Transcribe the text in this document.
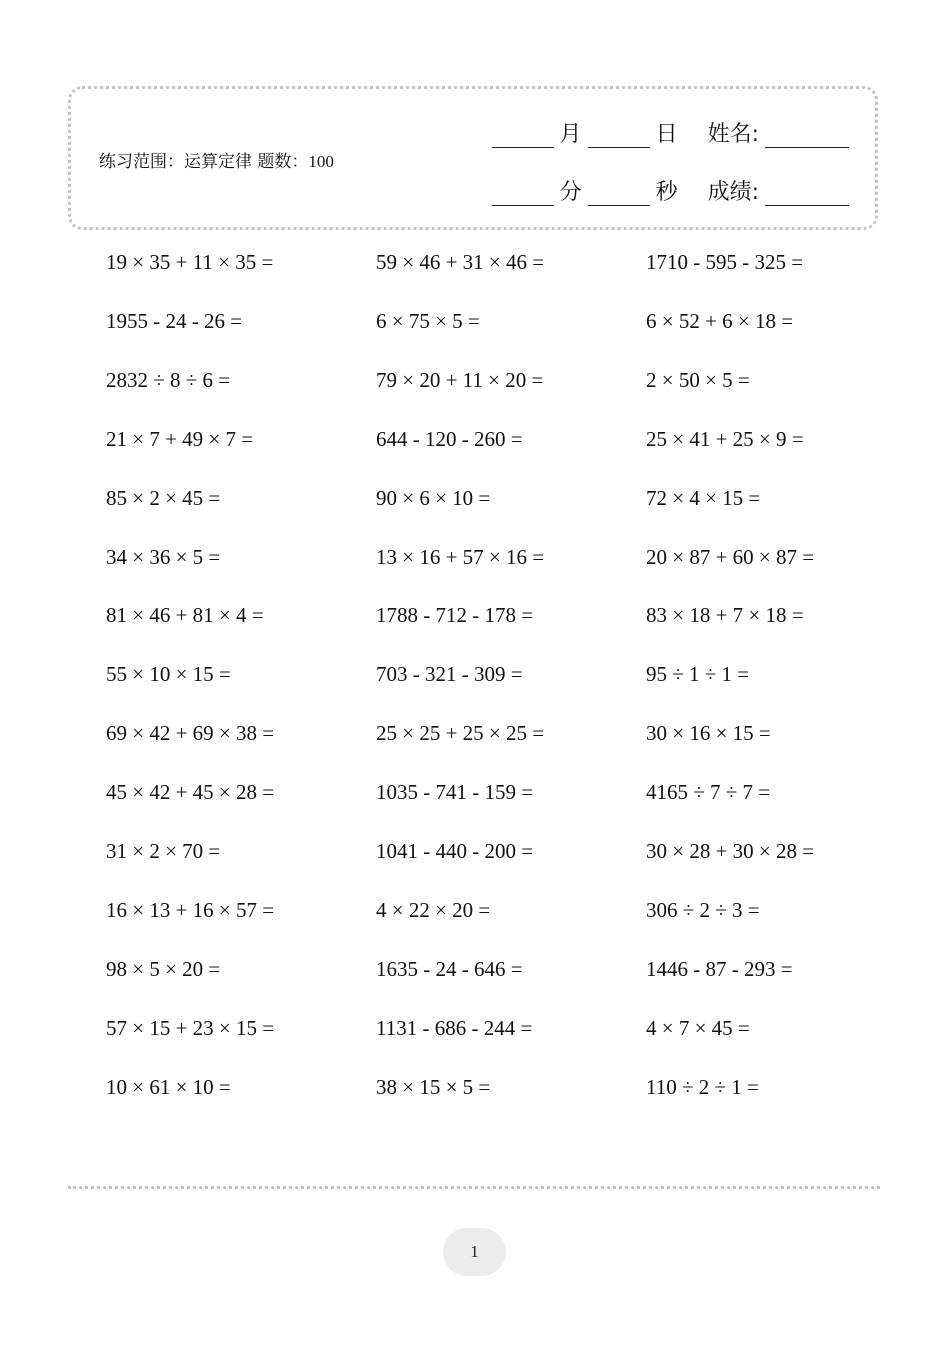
练习范围：运算定律 题数：100
月	日 姓名:
分	秒 成绩:
19 × 35 + 11 × 35 =	59 × 46 + 31 × 46 =	1710 - 595 - 325 =
1955 - 24 - 26 =	6 × 75 × 5 =	6 × 52 + 6 × 18 =
2832 ÷ 8 ÷ 6 =	79 × 20 + 11 × 20 =	2 × 50 × 5 =
21 × 7 + 49 × 7 =	644 - 120 - 260 =	25 × 41 + 25 × 9 =
85 × 2 × 45 =	90 × 6 × 10 =	72 × 4 × 15 =
34 × 36 × 5 =	13 × 16 + 57 × 16 =	20 × 87 + 60 × 87 =
81 × 46 + 81 × 4 =	1788 - 712 - 178 =	83 × 18 + 7 × 18 =
55 × 10 × 15 =	703 - 321 - 309 =	95 ÷ 1 ÷ 1 =
69 × 42 + 69 × 38 =	25 × 25 + 25 × 25 =	30 × 16 × 15 =
45 × 42 + 45 × 28 =	1035 - 741 - 159 =	4165 ÷ 7 ÷ 7 =
31 × 2 × 70 =	1041 - 440 - 200 =	30 × 28 + 30 × 28 =
16 × 13 + 16 × 57 =	4 × 22 × 20 =	306 ÷ 2 ÷ 3 =
98 × 5 × 20 =	1635 - 24 - 646 =	1446 - 87 - 293 =
57 × 15 + 23 × 15 =	1131 - 686 - 244 =	4 × 7 × 45 =
10 × 61 × 10 =	38 × 15 × 5 =	110 ÷ 2 ÷ 1 =
1
